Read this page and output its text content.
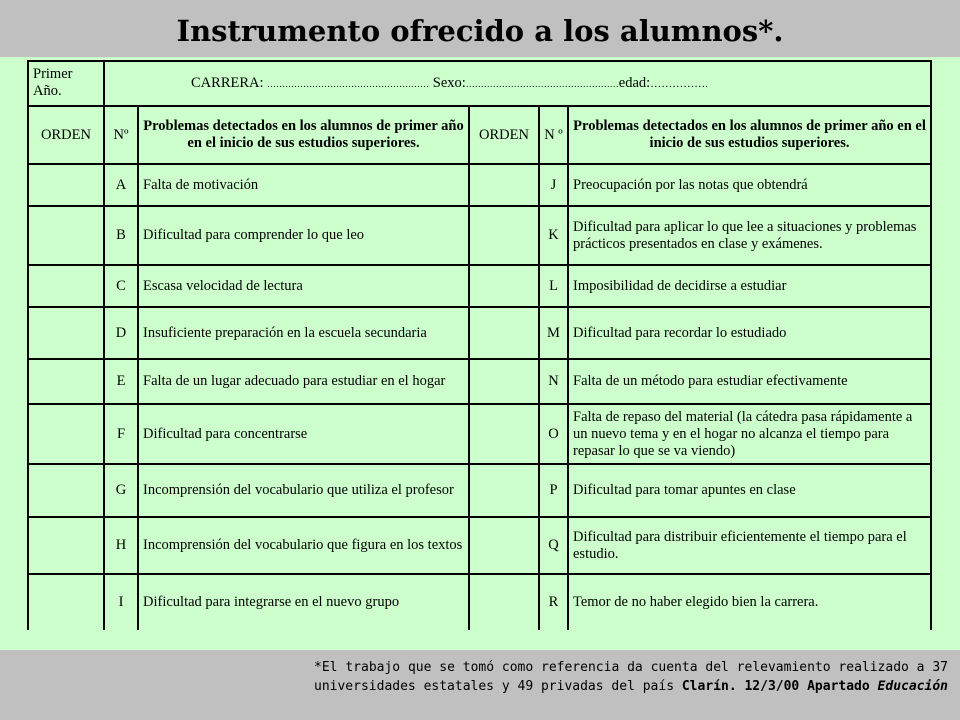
Instrumento ofrecido a los alumnos*.
Primer Año.	CARRERA: ……………………………………………… Sexo:……………………………………………edad:…………….				
ORDEN	Nº	Problemas detectados en los alumnos de primer año en el inicio de sus estudios superiores.	ORDEN	N º	Problemas detectados en los alumnos de primer año en el inicio de sus estudios superiores.
	A	Falta de motivación		J	Preocupación por las notas que obtendrá
	B	Dificultad para comprender lo que leo		K	Dificultad para aplicar lo que lee a situaciones y problemas prácticos presentados en clase y exámenes.
	C	Escasa velocidad de lectura		L	Imposibilidad de decidirse a estudiar
	D	Insuficiente preparación en la escuela secundaria		M	Dificultad para recordar lo estudiado
	E	Falta de un lugar adecuado para estudiar en el hogar		N	Falta de un método para estudiar efectivamente
	F	Dificultad para concentrarse		O	Falta de repaso del material (la cátedra pasa rápidamente a un nuevo tema y en el hogar no alcanza el tiempo para repasar lo que se va viendo)
	G	Incomprensión del vocabulario que utiliza el profesor		P	Dificultad para tomar apuntes en clase
	H	Incomprensión del vocabulario que figura en los textos		Q	Dificultad para distribuir eficientemente el tiempo para el estudio.
	I	Dificultad para integrarse en el nuevo grupo		R	Temor de no haber elegido bien la carrera.
*El trabajo que se tomó como referencia da cuenta del relevamiento realizado a 37
universidades estatales y 49 privadas del país Clarín. 12/3/00 Apartado Educación
